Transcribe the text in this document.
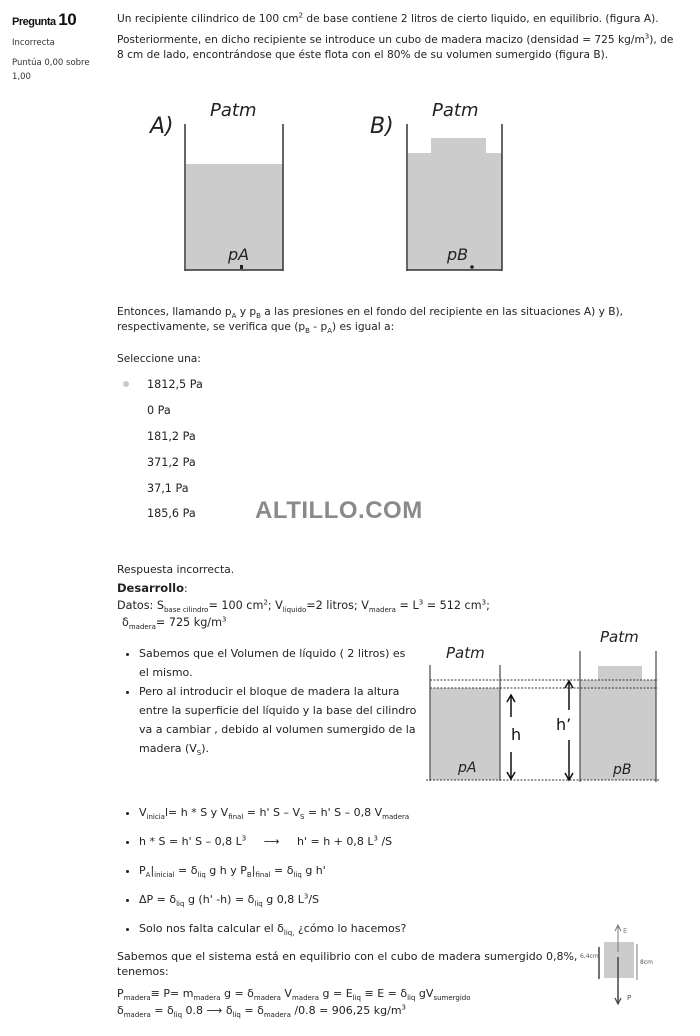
Pregunta 10
Incorrecta
Puntúa 0,00 sobre 1,00

Un recipiente cilindrico de 100 $cm^2$ de base contiene 2 litros de cierto liquido, en equilibrio. (figura A).

Posteriormente, en dicho recipiente se introduce un cubo de madera macizo (densidad = 725 $kg/m^3$), de 8 cm de lado, encontrándose que éste flota con el 80% de su volumen sumergido (figura B).

A)
Patm
pA
B)
Patm
pB
Entonces, llamando $p_A$ y $p_B$ a las presiones en el fondo del recipiente en las situaciones A) y B), respectivamente, se verifica que $(p_B - p_A)$ es igual a:
Seleccione una:
1812,5 Pa
0 Pa
181,2 Pa
371,2 Pa
37,1 Pa
185,6 Pa ALTILLO.COM
Respuesta incorrecta.
Desarrollo:
Datos: $S_{base cilindro}= 100$ $cm^2$; $V_{liquido}=2$ litros; $V_{madera} = L^3 = 512$ $cm^3$;
$\delta_{madera}= 725$ $kg/m^3$
• Sabemos que el Volumen de líquido ( 2 litros) es el mismo.
• Pero al introducir el bloque de madera la altura entre la superficie del líquido y la base del cilindro va a cambiar , debido al volumen sumergido de la madera $(V_S)$.
Patm
pA
Patm
pB
h
h’
• $V_{inicia}l= h * S$ y $V_{final} = h'$ $S - V_S = h'$ S – 0,8 $V_{madera}$
• h * S = h' S – 0,8 $L^3$ ⟶ h' = h + 0,8 $L^3$ /S
• $P_A|_{inicial} = \delta_{liq}$ g h y $P_B|_{final} = \delta_{liq}$ g h'
• $\Delta P = \delta_{liq}$ g (h' $-h) = \delta_{liq}$ g 0,8 $L^3/S$
• Solo nos falta calcular el $\delta_{liq,}$ ¿cómo lo hacemos?
Sabemos que el sistema está en equilibrio con el cubo de madera sumergido 0,8%, tenemos:
$P_{madera}\equiv P= m_{madera}$ $g = \delta_{madera}$ $V_{madera}$ $g = E_{liq} \equiv E = \delta_{liq}$ $gV_{sumergido}$
$\delta_{madera} = \delta_{liq}$ 0.8 ⟶ $\delta_{liq} = \delta_{madera}$ /0.8 = 906,25 $kg/m^3$
E
P
6,4cm
8cm
